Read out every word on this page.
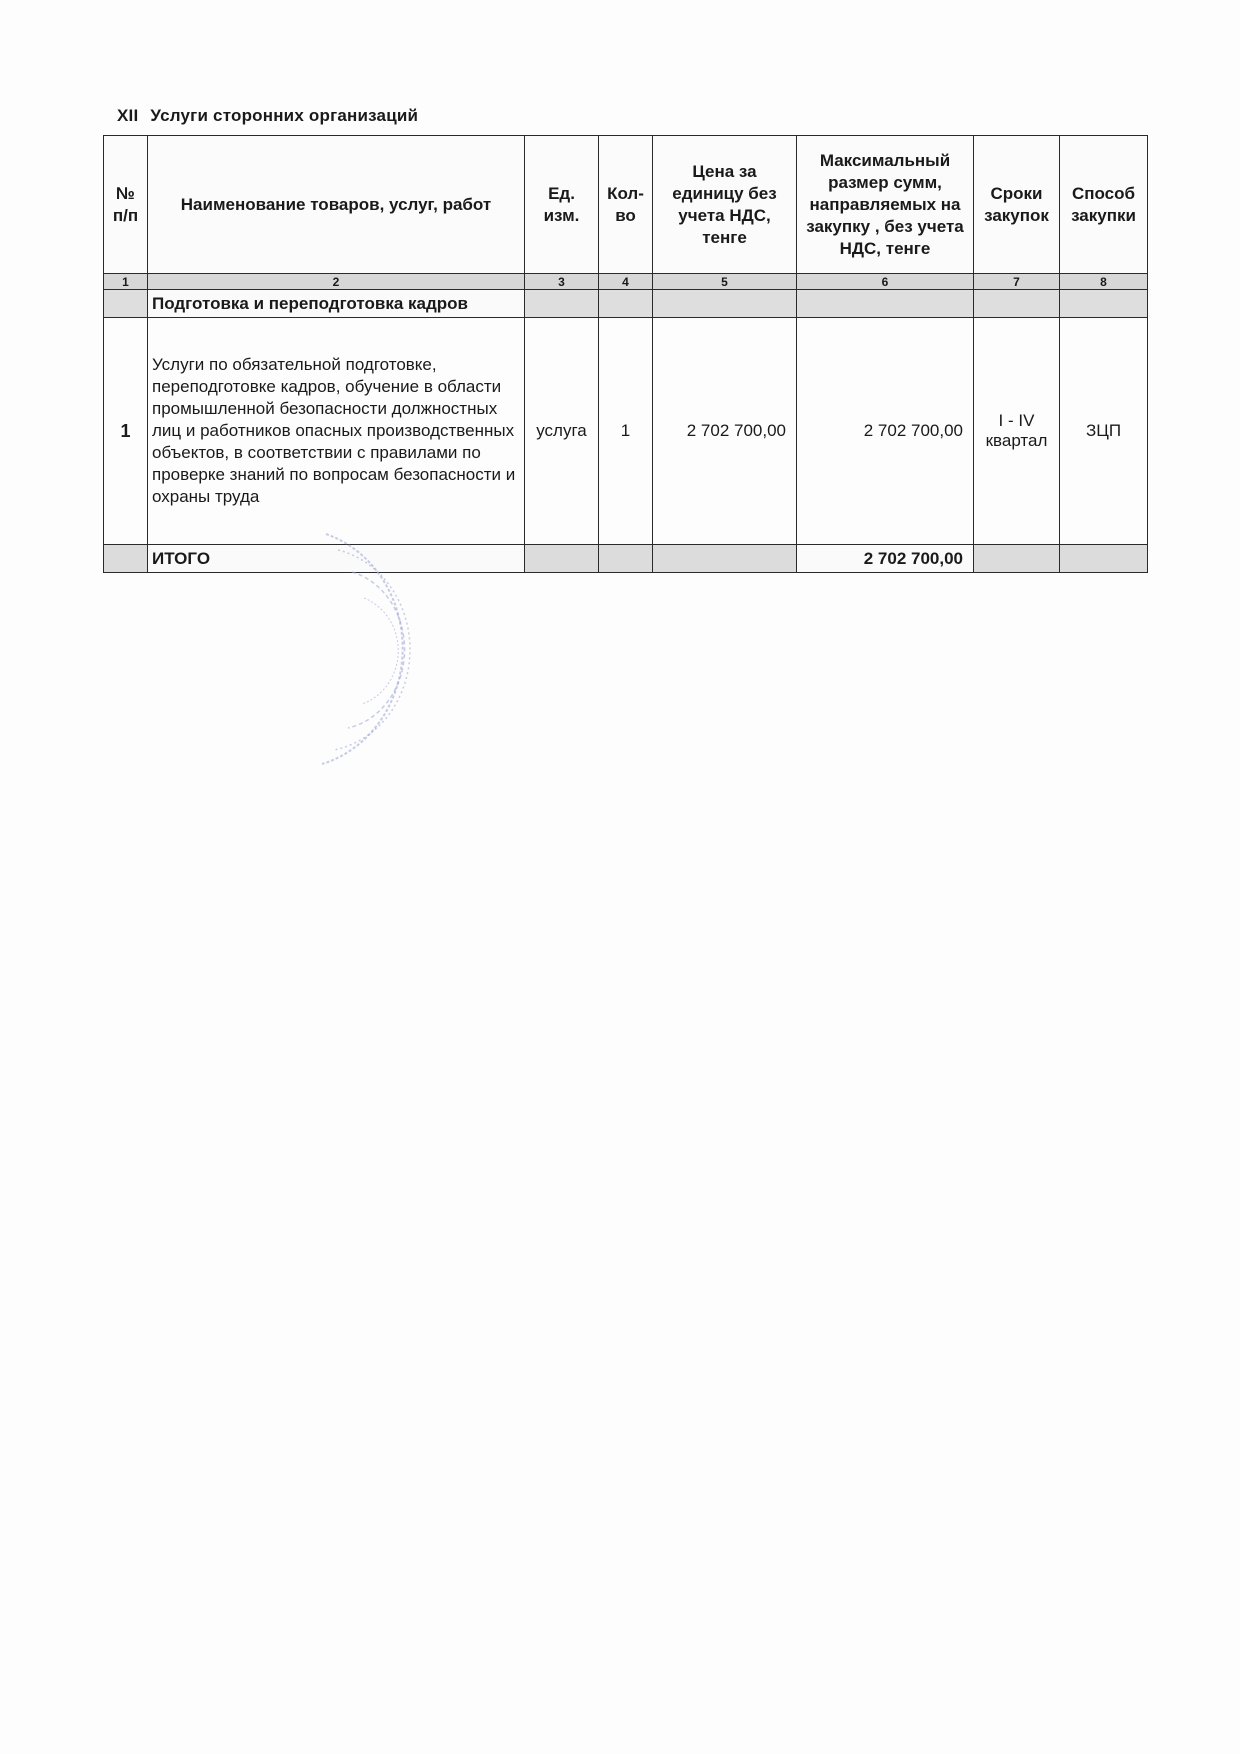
XII Услуги сторонних организаций
№ п/п	Наименование товаров, услуг, работ	Ед. изм.	Кол-во	Цена за единицу без учета НДС, тенге	Максимальный размер сумм, направляемых на закупку , без учета НДС, тенге	Сроки закупок	Способ закупки
1	2	3	4	5	6	7	8
	Подготовка и переподготовка кадров						
1	Услуги по обязательной подготовке, переподготовке кадров, обучение в области промышленной безопасности должностных лиц и работников опасных производственных объектов, в соответствии с правилами по проверке знаний по вопросам безопасности и охраны труда	услуга	1	2 702 700,00	2 702 700,00	I - IV квартал	ЗЦП
	ИТОГО				2 702 700,00		
